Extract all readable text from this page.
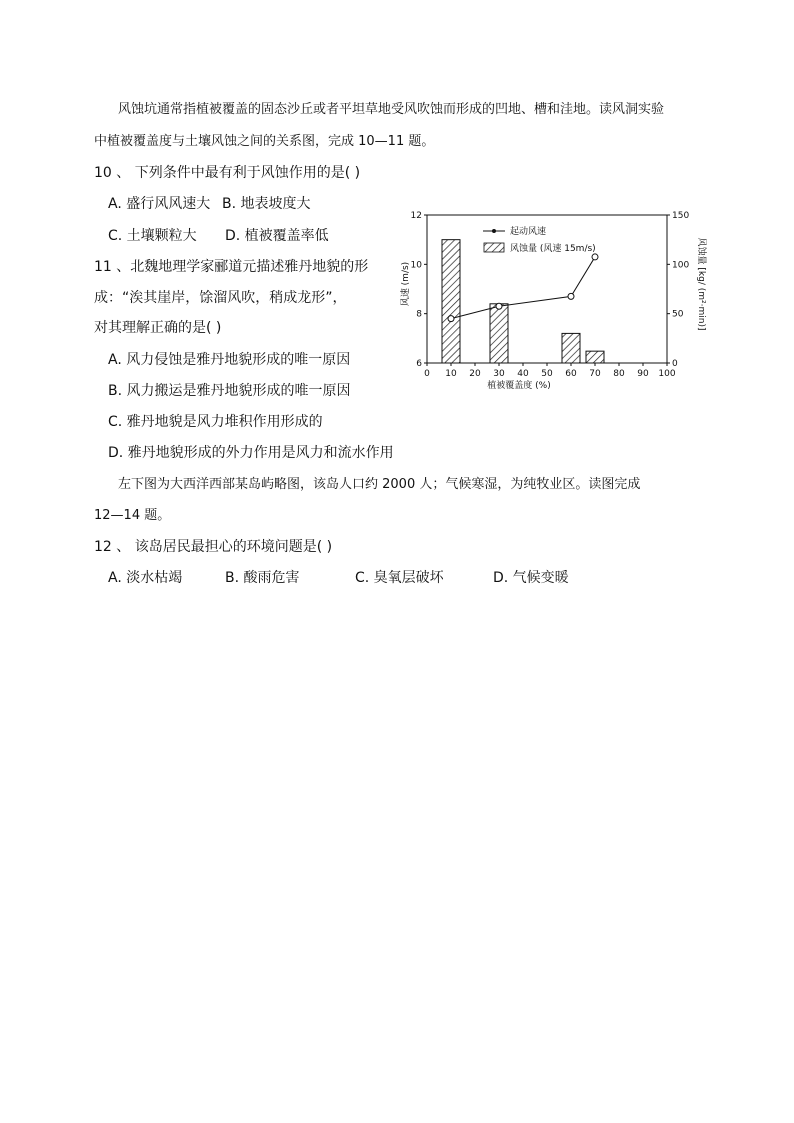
风蚀坑通常指植被覆盖的固态沙丘或者平坦草地受风吹蚀而形成的凹地、槽和洼地。读风洞实验

中植被覆盖度与土壤风蚀之间的关系图，完成 10—11 题。

10 、 下列条件中最有利于风蚀作用的是( )

A. 盛行风风速大 B. 地表坡度大

C. 土壤颗粒大 D. 植被覆盖率低

11 、北魏地理学家郦道元描述雅丹地貌的形

成：“涘其崖岸，馀溜风吹，稍成龙形”，

对其理解正确的是( )

A. 风力侵蚀是雅丹地貌形成的唯一原因

B. 风力搬运是雅丹地貌形成的唯一原因

C. 雅丹地貌是风力堆积作用形成的

D. 雅丹地貌形成的外力作用是风力和流水作用

左下图为大西洋西部某岛屿略图，该岛人口约 2000 人；气候寒湿，为纯牧业区。读图完成

12—14 题。

12 、 该岛居民最担心的环境问题是( )

A. 淡水枯竭	B. 酸雨危害	C. 臭氧层破坏	D. 气候变暖

0 10 20 30 40 50 60 70 80 90 100
6
8
10
12
0
50
100
150
起动风速
风蚀量 (风速 15m/s)
植被覆盖度 (%)
风速 (m/s)	风蚀量 [kg/ (m²·min)]
